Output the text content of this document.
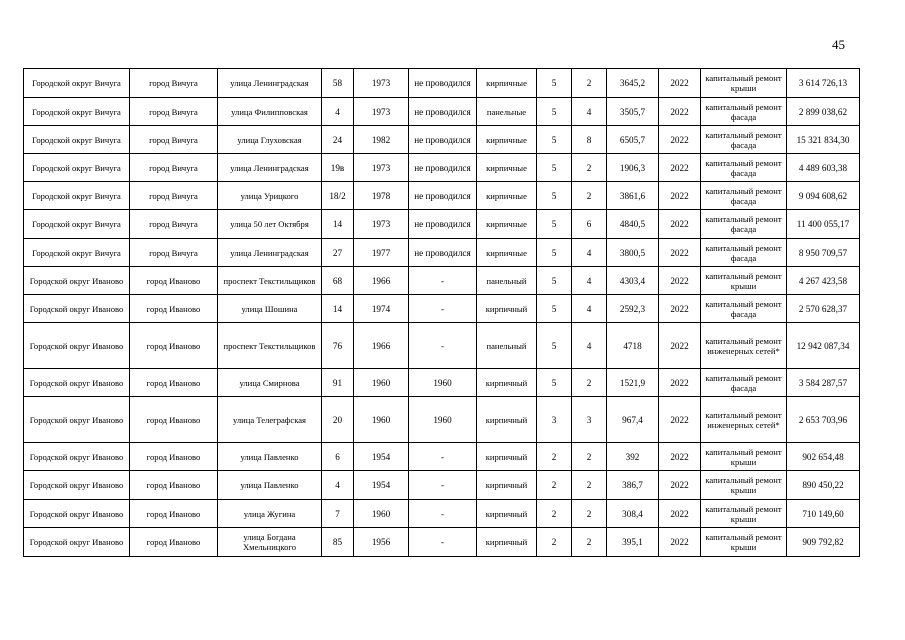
45
Городской округ Вичуга	город Вичуга	улица Ленинградская	58	1973	не проводился	кирпичные	5	2	3645,2	2022	капитальный ремонт крыши	3 614 726,13
Городской округ Вичуга	город Вичуга	улица Филипповская	4	1973	не проводился	панельные	5	4	3505,7	2022	капитальный ремонт фасада	2 899 038,62
Городской округ Вичуга	город Вичуга	улица Глуховская	24	1982	не проводился	кирпичные	5	8	6505,7	2022	капитальный ремонт фасада	15 321 834,30
Городской округ Вичуга	город Вичуга	улица Ленинградская	19в	1973	не проводился	кирпичные	5	2	1906,3	2022	капитальный ремонт фасада	4 489 603,38
Городской округ Вичуга	город Вичуга	улица Урицкого	18/2	1978	не проводился	кирпичные	5	2	3861,6	2022	капитальный ремонт фасада	9 094 608,62
Городской округ Вичуга	город Вичуга	улица 50 лет Октября	14	1973	не проводился	кирпичные	5	6	4840,5	2022	капитальный ремонт фасада	11 400 055,17
Городской округ Вичуга	город Вичуга	улица Ленинградская	27	1977	не проводился	кирпичные	5	4	3800,5	2022	капитальный ремонт фасада	8 950 709,57
Городской округ Иваново	город Иваново	проспект Текстильщиков	68	1966	-	панельный	5	4	4303,4	2022	капитальный ремонт крыши	4 267 423,58
Городской округ Иваново	город Иваново	улица Шошина	14	1974	-	кирпичный	5	4	2592,3	2022	капитальный ремонт фасада	2 570 628,37
Городской округ Иваново	город Иваново	проспект Текстильщиков	76	1966	-	панельный	5	4	4718	2022	капитальный ремонт инженерных сетей*	12 942 087,34
Городской округ Иваново	город Иваново	улица Смирнова	91	1960	1960	кирпичный	5	2	1521,9	2022	капитальный ремонт фасада	3 584 287,57
Городской округ Иваново	город Иваново	улица Телеграфская	20	1960	1960	кирпичный	3	3	967,4	2022	капитальный ремонт инженерных сетей*	2 653 703,96
Городской округ Иваново	город Иваново	улица Павленко	6	1954	-	кирпичный	2	2	392	2022	капитальный ремонт крыши	902 654,48
Городской округ Иваново	город Иваново	улица Павленко	4	1954	-	кирпичный	2	2	386,7	2022	капитальный ремонт крыши	890 450,22
Городской округ Иваново	город Иваново	улица Жугина	7	1960	-	кирпичный	2	2	308,4	2022	капитальный ремонт крыши	710 149,60
Городской округ Иваново	город Иваново	улица Богдана Хмельницкого	85	1956	-	кирпичный	2	2	395,1	2022	капитальный ремонт крыши	909 792,82
